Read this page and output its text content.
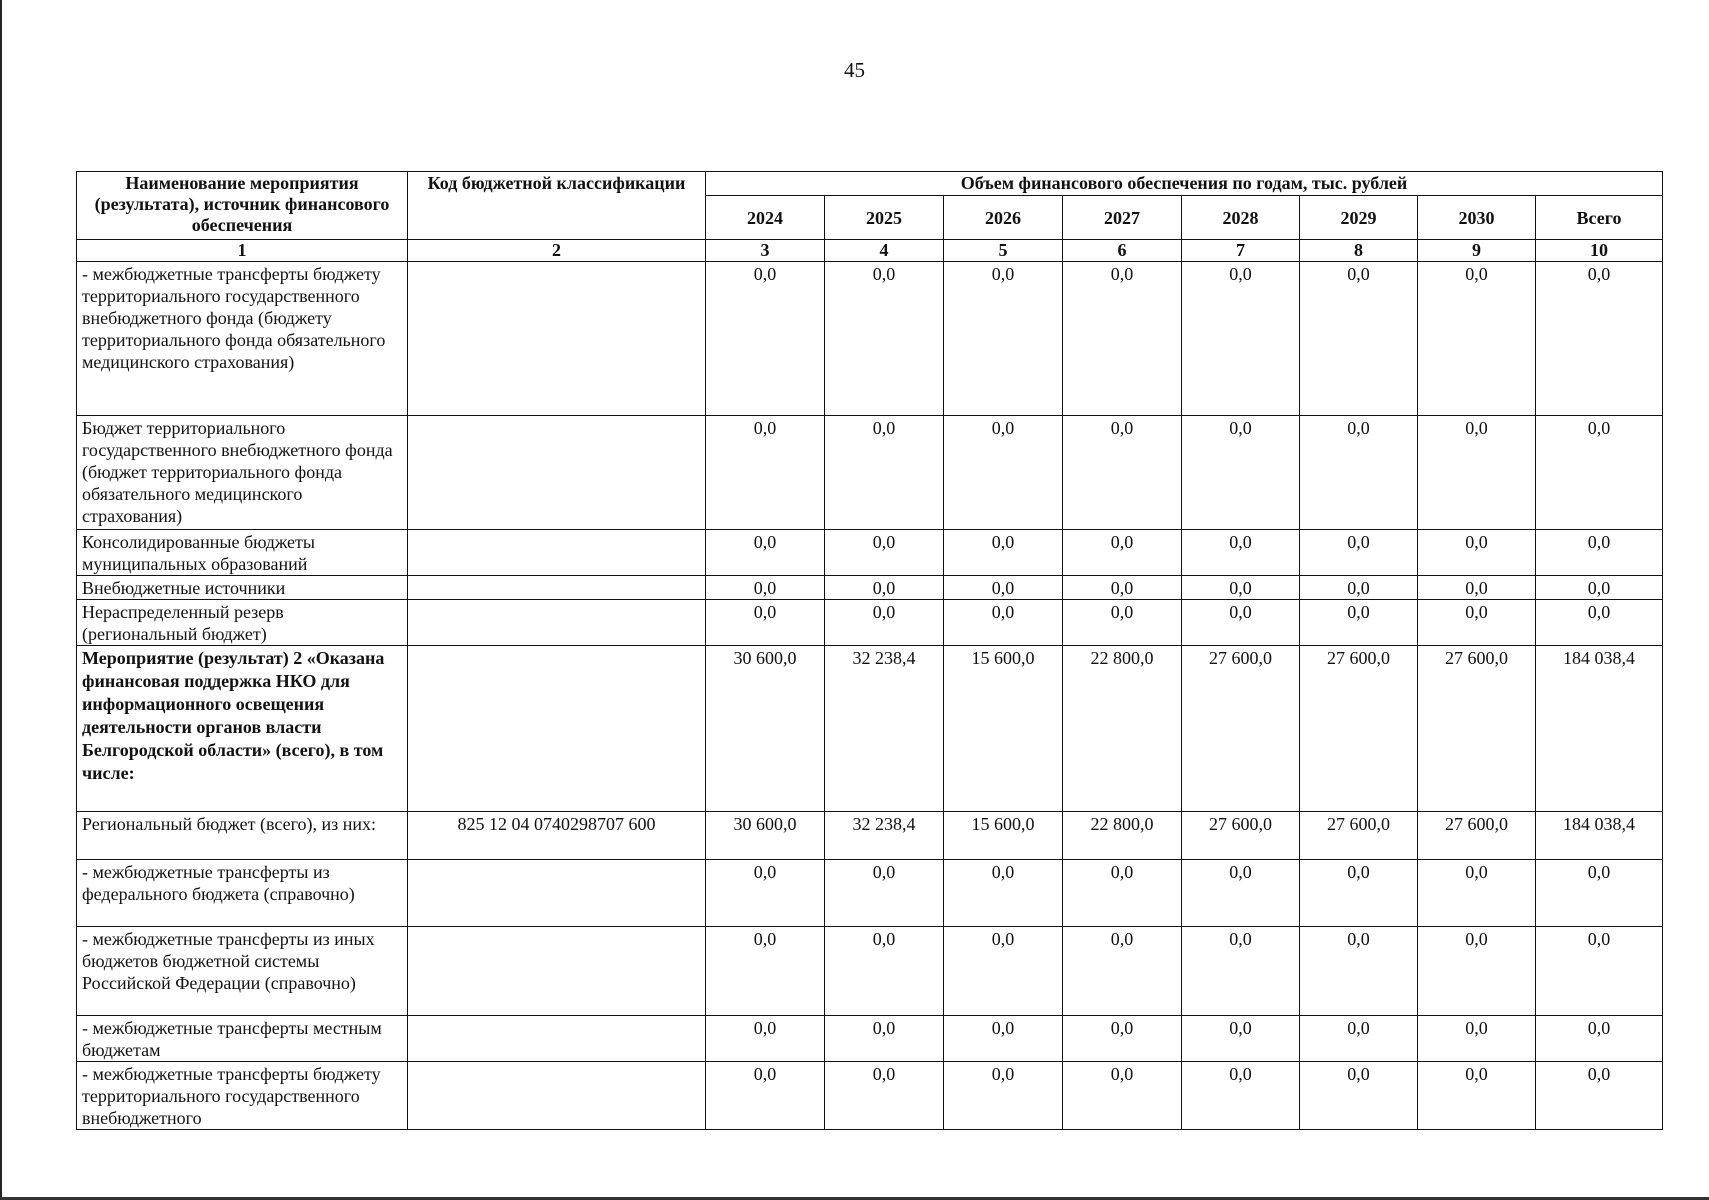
45
Наименование мероприятия (результата), источник финансового обеспечения	Код бюджетной классификации	Объем финансового обеспечения по годам, тыс. рублей							
		2024	2025	2026	2027	2028	2029	2030	Всего
1	2	3	4	5	6	7	8	9	10
- межбюджетные трансферты бюджету территориального государственного внебюджетного фонда (бюджету территориального фонда обязательного медицинского страхования)		0,0	0,0	0,0	0,0	0,0	0,0	0,0	0,0
Бюджет территориального государственного внебюджетного фонда (бюджет территориального фонда обязательного медицинского страхования)		0,0	0,0	0,0	0,0	0,0	0,0	0,0	0,0
Консолидированные бюджеты муниципальных образований		0,0	0,0	0,0	0,0	0,0	0,0	0,0	0,0
Внебюджетные источники		0,0	0,0	0,0	0,0	0,0	0,0	0,0	0,0
Нераспределенный резерв (региональный бюджет)		0,0	0,0	0,0	0,0	0,0	0,0	0,0	0,0
Мероприятие (результат) 2 «Оказана финансовая поддержка НКО для информационного освещения деятельности органов власти Белгородской области» (всего), в том числе:		30 600,0	32 238,4	15 600,0	22 800,0	27 600,0	27 600,0	27 600,0	184 038,4
Региональный бюджет (всего), из них:	825 12 04 0740298707 600	30 600,0	32 238,4	15 600,0	22 800,0	27 600,0	27 600,0	27 600,0	184 038,4
- межбюджетные трансферты из федерального бюджета (справочно)		0,0	0,0	0,0	0,0	0,0	0,0	0,0	0,0
- межбюджетные трансферты из иных бюджетов бюджетной системы Российской Федерации (справочно)		0,0	0,0	0,0	0,0	0,0	0,0	0,0	0,0
- межбюджетные трансферты местным бюджетам		0,0	0,0	0,0	0,0	0,0	0,0	0,0	0,0
- межбюджетные трансферты бюджету территориального государственного внебюджетного		0,0	0,0	0,0	0,0	0,0	0,0	0,0	0,0
